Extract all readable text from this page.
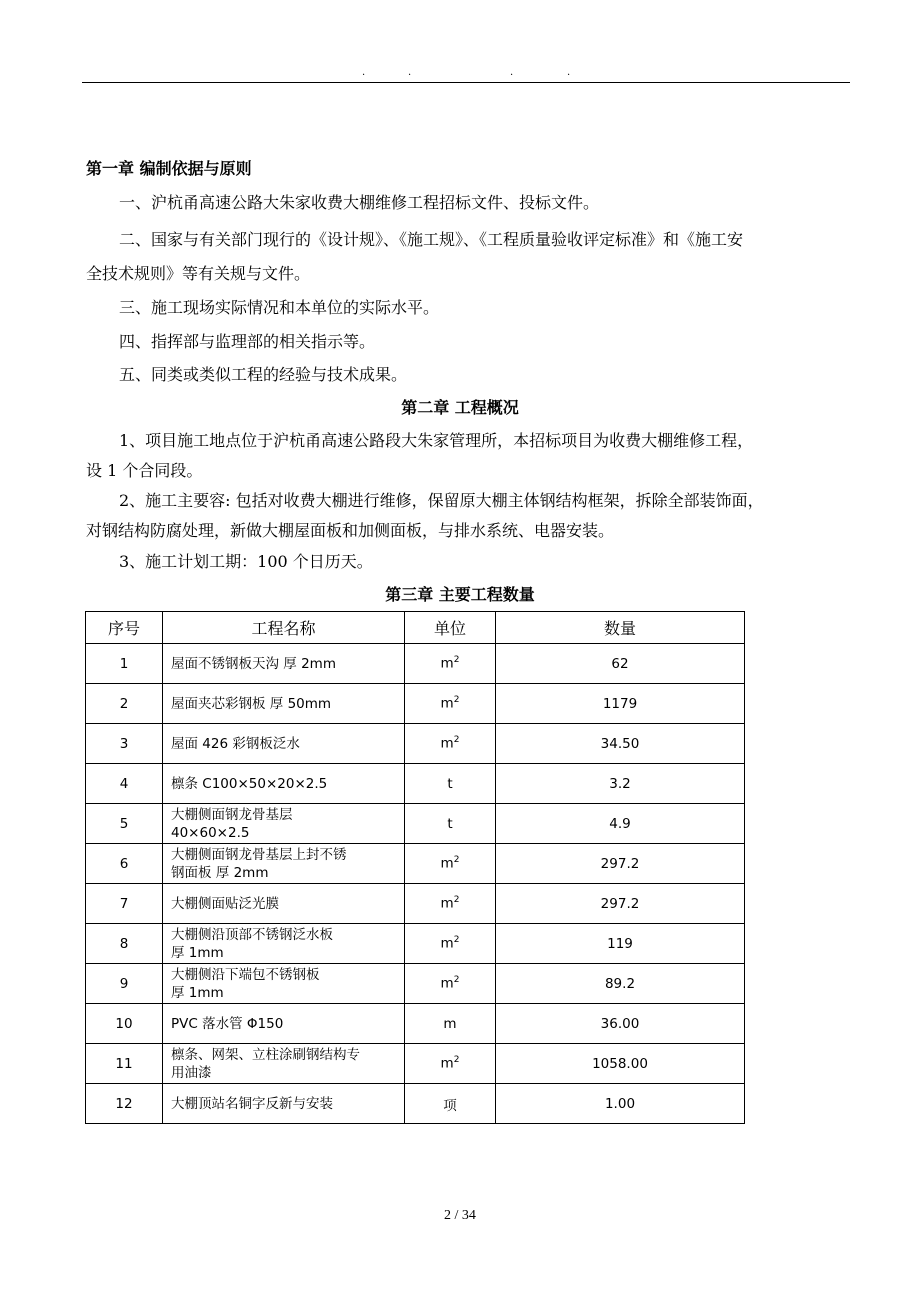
.	.	.	.
第一章 编制依据与原则
一、沪杭甬高速公路大朱家收费大棚维修工程招标文件、投标文件。
二、国家与有关部门现行的《设计规》、《施工规》、《工程质量验收评定标准》和《施工安
全技术规则》等有关规与文件。
三、施工现场实际情况和本单位的实际水平。
四、指挥部与监理部的相关指示等。
五、同类或类似工程的经验与技术成果。
第二章 工程概况
1、项目施工地点位于沪杭甬高速公路段大朱家管理所，本招标项目为收费大棚维修工程，
设 1 个合同段。
2、施工主要容: 包括对收费大棚进行维修，保留原大棚主体钢结构框架，拆除全部装饰面，
对钢结构防腐处理，新做大棚屋面板和加侧面板，与排水系统、电器安装。
3、施工计划工期：100 个日历天。
第三章 主要工程数量
序号	工程名称	单位	数量
1	屋面不锈钢板天沟 厚 2mm	$m^2$	62
2	屋面夹芯彩钢板 厚 50mm	$m^2$	1179
3	屋面 426 彩钢板泛水	$m^2$	34.50
4	檩条 C100×50×20×2.5	t	3.2
5	大棚侧面钢龙骨基层
40×60×2.5	t	4.9
6	大棚侧面钢龙骨基层上封不锈
钢面板 厚 2mm	$m^2$	297.2
7	大棚侧面贴泛光膜	$m^2$	297.2
8	大棚侧沿顶部不锈钢泛水板
厚 1mm	$m^2$	119
9	大棚侧沿下端包不锈钢板
厚 1mm	$m^2$	89.2
10	PVC 落水管 Φ150	m	36.00
11	檩条、网架、立柱涂刷钢结构专
用油漆	$m^2$	1058.00
12	大棚顶站名铜字反新与安装	项	1.00
2 / 34
